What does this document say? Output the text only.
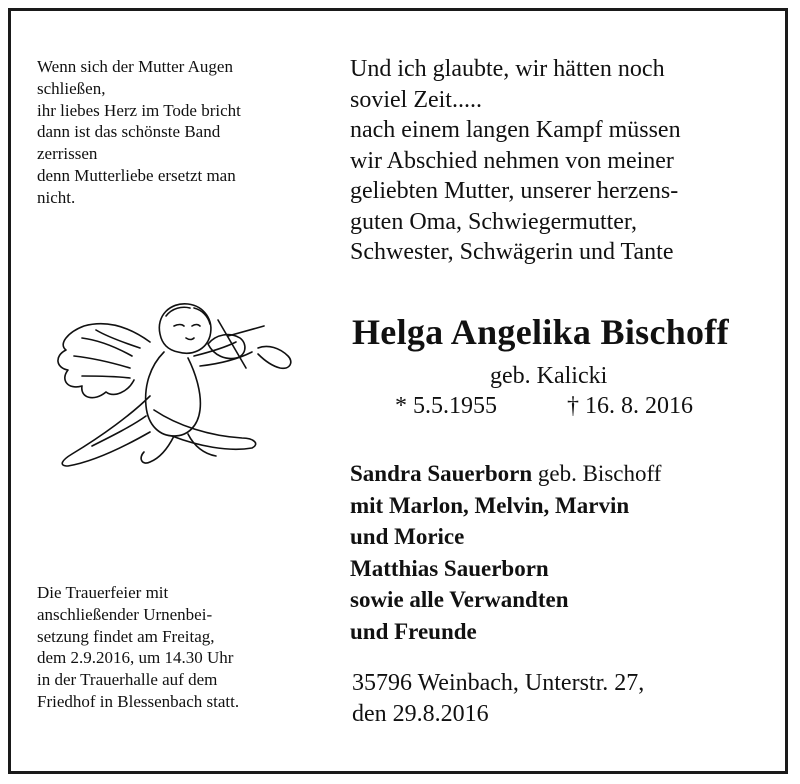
Wenn sich der Mutter Augen
schließen,
ihr liebes Herz im Tode bricht
dann ist das schönste Band
zerrissen
denn Mutterliebe ersetzt man
nicht.
Und ich glaubte, wir hätten noch
soviel Zeit.....
nach einem langen Kampf müssen
wir Abschied nehmen von meiner
geliebten Mutter, unserer herzens-
guten Oma, Schwiegermutter,
Schwester, Schwägerin und Tante
Helga Angelika Bischoff
geb. Kalicki
* 5.5.1955	† 16. 8. 2016
Sandra Sauerborn geb. Bischoff
mit Marlon, Melvin, Marvin
und Morice
Matthias Sauerborn
sowie alle Verwandten
und Freunde
Die Trauerfeier mit
anschließender Urnenbei-
setzung findet am Freitag,
dem 2.9.2016, um 14.30 Uhr
in der Trauerhalle auf dem
Friedhof in Blessenbach statt.
35796 Weinbach, Unterstr. 27,
den 29.8.2016
